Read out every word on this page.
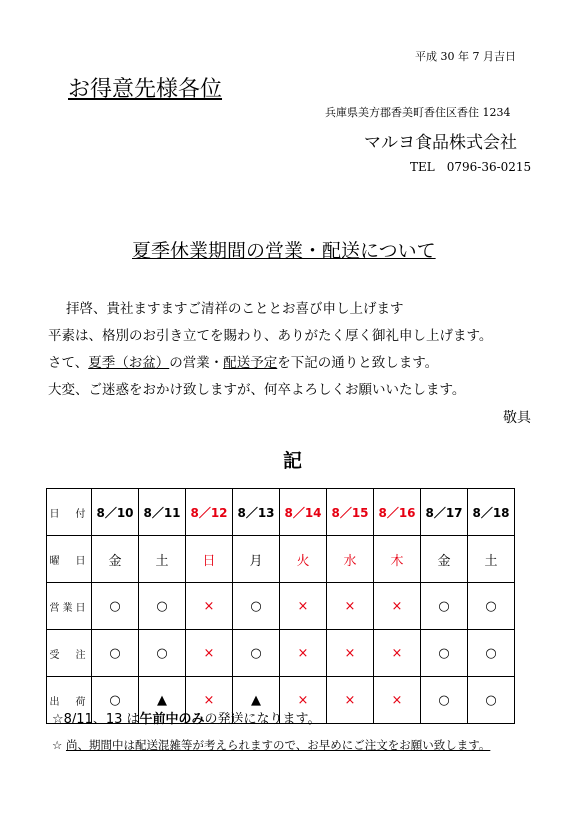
平成 30 年 7 月吉日
お得意先様各位
兵庫県美方郡香美町香住区香住 1234
マルヨ食品株式会社
TEL　0796-36-0215
夏季休業期間の営業・配送について
拝啓、貴社ますますご清祥のこととお喜び申し上げます
平素は、格別のお引き立てを賜わり、ありがたく厚く御礼申し上げます。
さて、夏季（お盆）の営業・配送予定を下記の通りと致します。
大変、ご迷惑をおかけ致しますが、何卒よろしくお願いいたします。
敬具
記
日　付	8／10	8／11	8／12	8／13	8／14	8／15	8／16	8／17	8／18
曜　日	金	土	日	月	火	水	木	金	土
営業日	○	○	×	○	×	×	×	○	○
受　注	○	○	×	○	×	×	×	○	○
出　荷	○	▲	×	▲	×	×	×	○	○
☆8/11、13 は午前中のみの発送になります。
☆ 尚、期間中は配送混雑等が考えられますので、お早めにご注文をお願い致します。
